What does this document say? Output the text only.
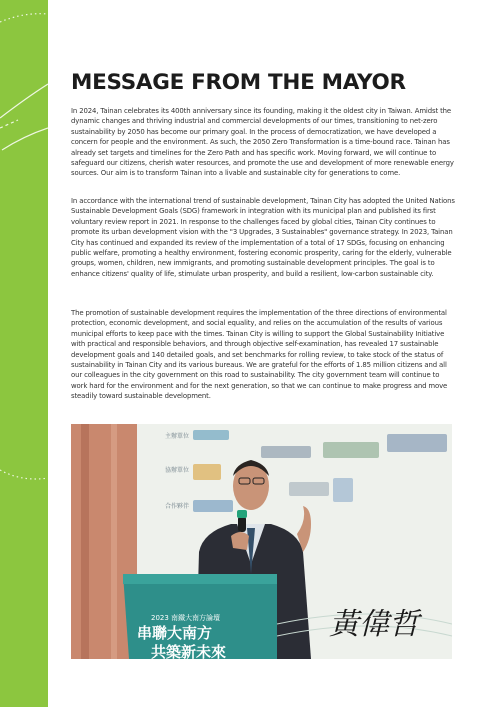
MESSAGE FROM THE MAYOR

In 2024, Tainan celebrates its 400th anniversary since its founding, making it the oldest city in Taiwan. Amidst the dynamic changes and thriving industrial and commercial developments of our times, transitioning to net-zero sustainability by 2050 has become our primary goal. In the process of democratization, we have developed a concern for people and the environment. As such, the 2050 Zero Transformation is a time-bound race. Tainan has already set targets and timelines for the Zero Path and has specific work. Moving forward, we will continue to safeguard our citizens, cherish water resources, and promote the use and development of more renewable energy sources. Our aim is to transform Tainan into a livable and sustainable city for generations to come.

In accordance with the international trend of sustainable development, Tainan City has adopted the United Nations Sustainable Development Goals (SDG) framework in integration with its municipal plan and published its first voluntary review report in 2021. In response to the challenges faced by global cities, Tainan City continues to promote its urban development vision with the "3 Upgrades, 3 Sustainables" governance strategy. In 2023, Tainan City has continued and expanded its review of the implementation of a total of 17 SDGs, focusing on enhancing public welfare, promoting a healthy environment, fostering economic prosperity, caring for the elderly, vulnerable groups, women, children, new immigrants, and promoting sustainable development principles. The goal is to enhance citizens' quality of life, stimulate urban prosperity, and build a resilient, low-carbon sustainable city.

The promotion of sustainable development requires the implementation of the three directions of environmental protection, economic development, and social equality, and relies on the accumulation of the results of various municipal efforts to keep pace with the times. Tainan City is willing to support the Global Sustainability Initiative with practical and responsible behaviors, and through objective self-examination, has revealed 17 sustainable development goals and 140 detailed goals, and set benchmarks for rolling review, to take stock of the status of sustainability in Tainan City and its various bureaus. We are grateful for the efforts of 1.85 million citizens and all our colleagues in the city government on this road to sustainability. The city government team will continue to work hard for the environment and for the next generation, so that we can continue to make progress and move steadily toward sustainable development.

主辦單位
協辦單位
合作夥伴
2023 南鐵大南方論壇
串聯大南方
共築新未來
黃偉哲
